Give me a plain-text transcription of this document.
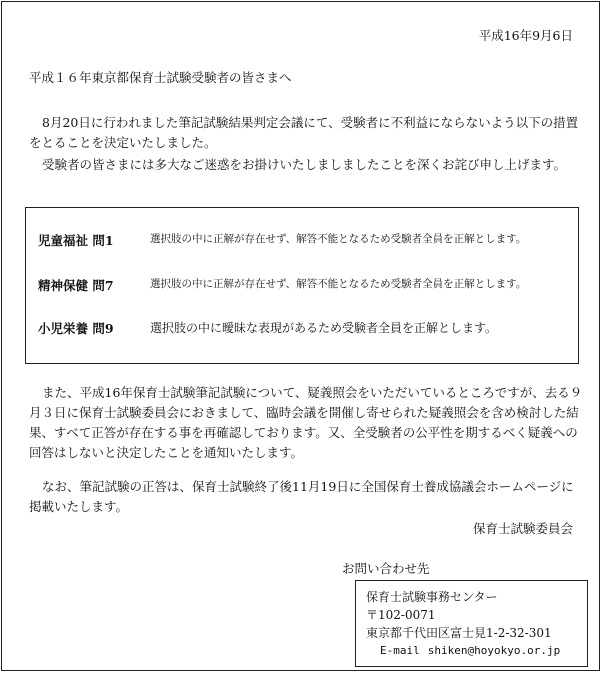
平成16年9月6日
平成１６年東京都保育士試験受験者の皆さまへ
8月20日に行われました筆記試験結果判定会議にて、受験者に不利益にならないよう以下の措置をとることを決定いたしました。
受験者の皆さまには多大なご迷惑をお掛けいたしましましたことを深くお詫び申し上げます。
児童福祉 問1	選択肢の中に正解が存在せず、解答不能となるため受験者全員を正解とします。
精神保健 問7	選択肢の中に正解が存在せず、解答不能となるため受験者全員を正解とします。
小児栄養 問9	選択肢の中に曖昧な表現があるため受験者全員を正解とします。
また、平成16年保育士試験筆記試験について、疑義照会をいただいているところですが、去る９月３日に保育士試験委員会におきまして、臨時会議を開催し寄せられた疑義照会を含め検討した結果、すべて正答が存在する事を再確認しております。又、全受験者の公平性を期するべく疑義への回答はしないと決定したことを通知いたします。
なお、筆記試験の正答は、保育士試験終了後11月19日に全国保育士養成協議会ホームページに掲載いたします。
保育士試験委員会
お問い合わせ先
保育士試験事務センター
〒102-0071
東京都千代田区富士見1-2-32-301
E-mail shiken@hoyokyo.or.jp
